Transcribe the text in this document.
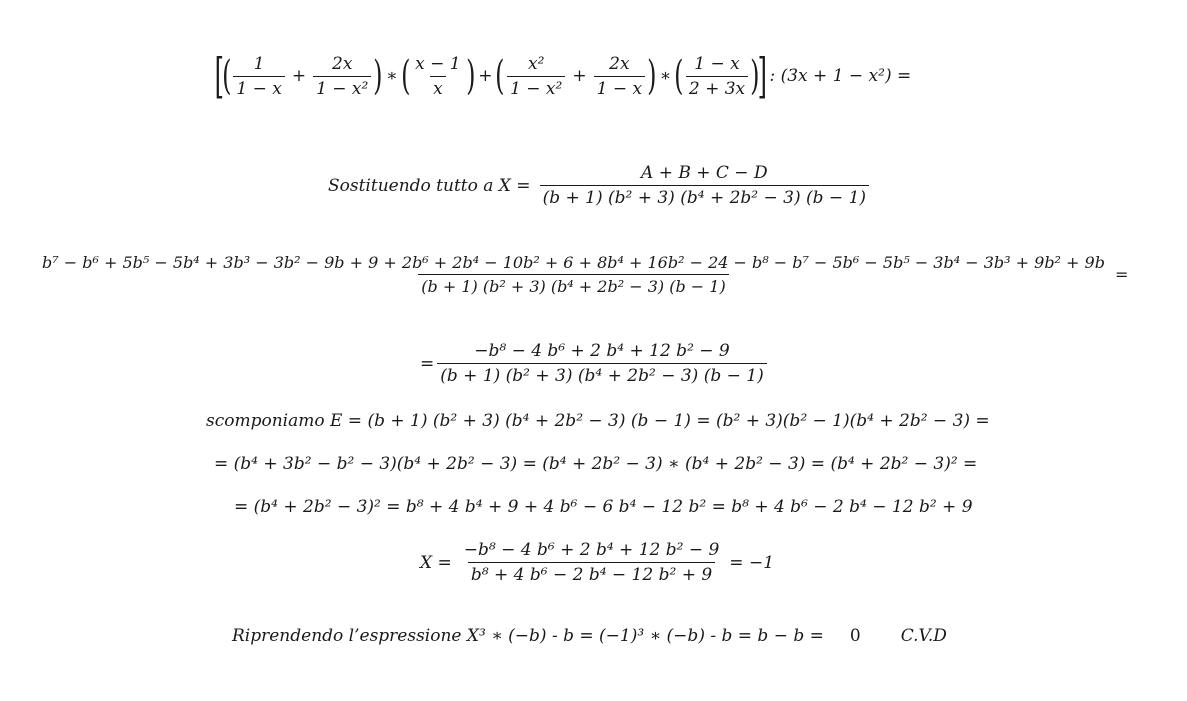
[
( $\frac{1}{1 - x} + \frac{2x}{\text{1 − x²}}$ ) ∗ ( $\frac{x - 1}{x}$ ) + ( $\frac{\text{x²}}{\text{1 − x²}} + \frac{2x}{1 - x}$ ) ∗ ( $\frac{1 - x}{2 + 3x}$ )
] : (3x + 1 − x²) =
Sostituendo tutto a $X = \frac{A + B + C - D}{\text{(b + 1) (b² + 3) (b⁴ + 2b² − 3) (b − 1)}}$
b⁷ − b⁶ + 5b⁵ − 5b⁴ + 3b³ − 3b² − 9b + 9 + 2b⁶ + 2b⁴ − 10b² + 6 + 8b⁴ + 16b² − 24 − b⁸ − b⁷ − 5b⁶ − 5b⁵ − 3b⁴ − 3b³ + 9b² + 9b
(b + 1) (b² + 3) (b⁴ + 2b² − 3) (b − 1)
=
= $\frac{\text{−b⁸ − 4 b⁶ + 2 b⁴ + 12 b² − 9}}{\text{(b + 1) (b² + 3) (b⁴ + 2b² − 3) (b − 1)}}$
scomponiamo E = (b + 1) (b² + 3) (b⁴ + 2b² − 3) (b − 1) = (b² + 3)(b² − 1)(b⁴ + 2b² − 3) =
= (b⁴ + 3b² − b² − 3)(b⁴ + 2b² − 3) = (b⁴ + 2b² − 3) ∗ (b⁴ + 2b² − 3) = (b⁴ + 2b² − 3)² =
= (b⁴ + 2b² − 3)² = b⁸ + 4 b⁴ + 9 + 4 b⁶ − 6 b⁴ − 12 b² = b⁸ + 4 b⁶ − 2 b⁴ − 12 b² + 9
$X = \frac{\text{−b⁸ − 4 b⁶ + 2 b⁴ + 12 b² − 9}}{\text{b⁸ + 4 b⁶ − 2 b⁴ − 12 b² + 9}} = -1$
Riprendendo l’espressione X³ ∗ (−b) - b = (−1)³ ∗ (−b) - b = b − b = 0 C.V.D
